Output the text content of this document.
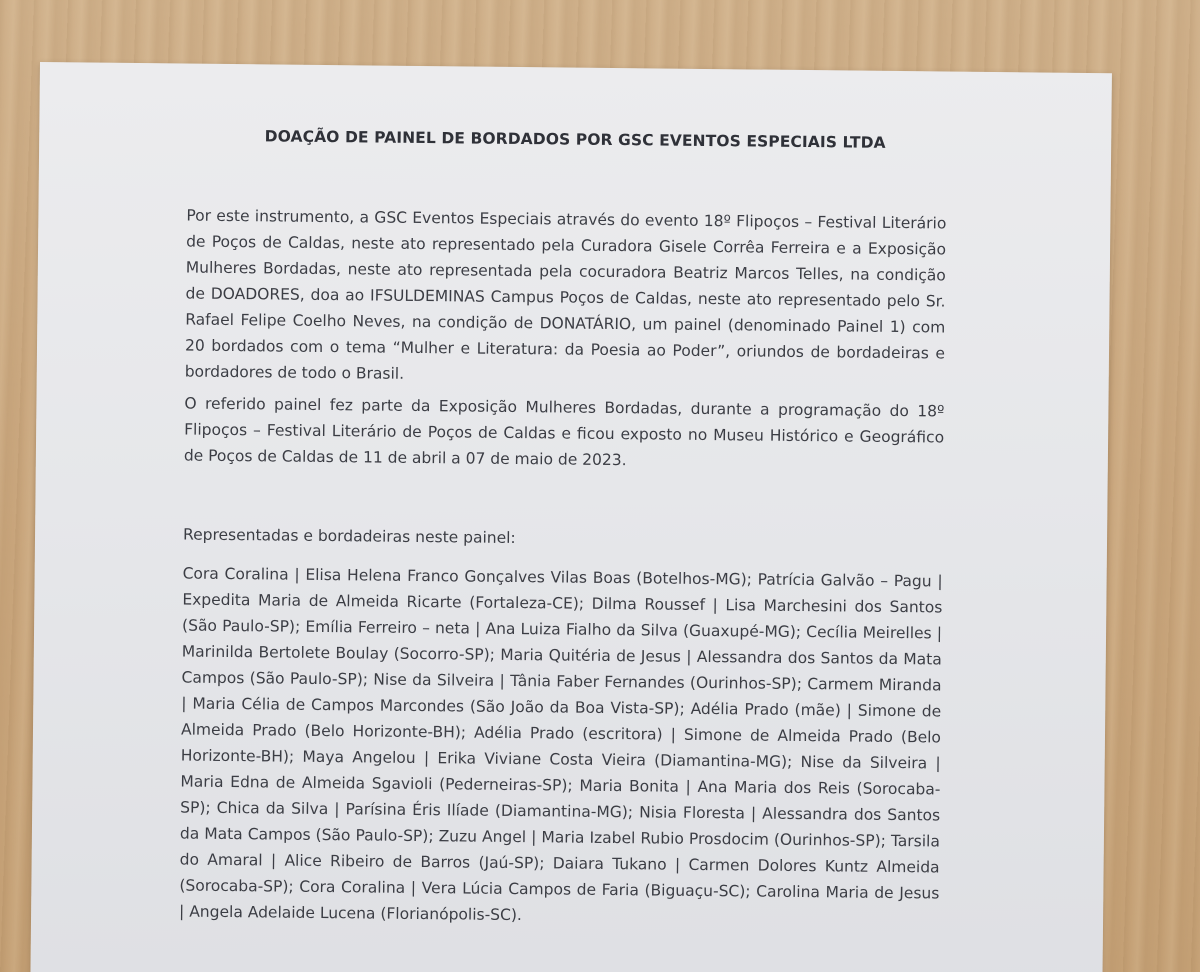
DOAÇÃO DE PAINEL DE BORDADOS POR GSC EVENTOS ESPECIAIS LTDA

Por este instrumento, a GSC Eventos Especiais através do evento 18º Flipoços – Festival Literário de Poços de Caldas, neste ato representado pela Curadora Gisele Corrêa Ferreira e a Exposição Mulheres Bordadas, neste ato representada pela cocuradora Beatriz Marcos Telles, na condição de DOADORES, doa ao IFSULDEMINAS Campus Poços de Caldas, neste ato representado pelo Sr. Rafael Felipe Coelho Neves, na condição de DONATÁRIO, um painel (denominado Painel 1) com 20 bordados com o tema “Mulher e Literatura: da Poesia ao Poder”, oriundos de bordadeiras e bordadores de todo o Brasil.

O referido painel fez parte da Exposição Mulheres Bordadas, durante a programação do 18º Flipoços – Festival Literário de Poços de Caldas e ficou exposto no Museu Histórico e Geográfico de Poços de Caldas de 11 de abril a 07 de maio de 2023.

Representadas e bordadeiras neste painel:

Cora Coralina | Elisa Helena Franco Gonçalves Vilas Boas (Botelhos-MG); Patrícia Galvão – Pagu | Expedita Maria de Almeida Ricarte (Fortaleza-CE); Dilma Roussef | Lisa Marchesini dos Santos (São Paulo-SP); Emília Ferreiro – neta | Ana Luiza Fialho da Silva (Guaxupé-MG); Cecília Meirelles | Marinilda Bertolete Boulay (Socorro-SP); Maria Quitéria de Jesus | Alessandra dos Santos da Mata Campos (São Paulo-SP); Nise da Silveira | Tânia Faber Fernandes (Ourinhos-SP); Carmem Miranda | Maria Célia de Campos Marcondes (São João da Boa Vista-SP); Adélia Prado (mãe) | Simone de Almeida Prado (Belo Horizonte-BH); Adélia Prado (escritora) | Simone de Almeida Prado (Belo Horizonte-BH); Maya Angelou | Erika Viviane Costa Vieira (Diamantina-MG); Nise da Silveira | Maria Edna de Almeida Sgavioli (Pederneiras-SP); Maria Bonita | Ana Maria dos Reis (Sorocaba-SP); Chica da Silva | Parísina Éris Ilíade (Diamantina-MG); Nisia Floresta | Alessandra dos Santos da Mata Campos (São Paulo-SP); Zuzu Angel | Maria Izabel Rubio Prosdocim (Ourinhos-SP); Tarsila do Amaral | Alice Ribeiro de Barros (Jaú-SP); Daiara Tukano | Carmen Dolores Kuntz Almeida (Sorocaba-SP); Cora Coralina | Vera Lúcia Campos de Faria (Biguaçu-SC); Carolina Maria de Jesus | Angela Adelaide Lucena (Florianópolis-SC).
